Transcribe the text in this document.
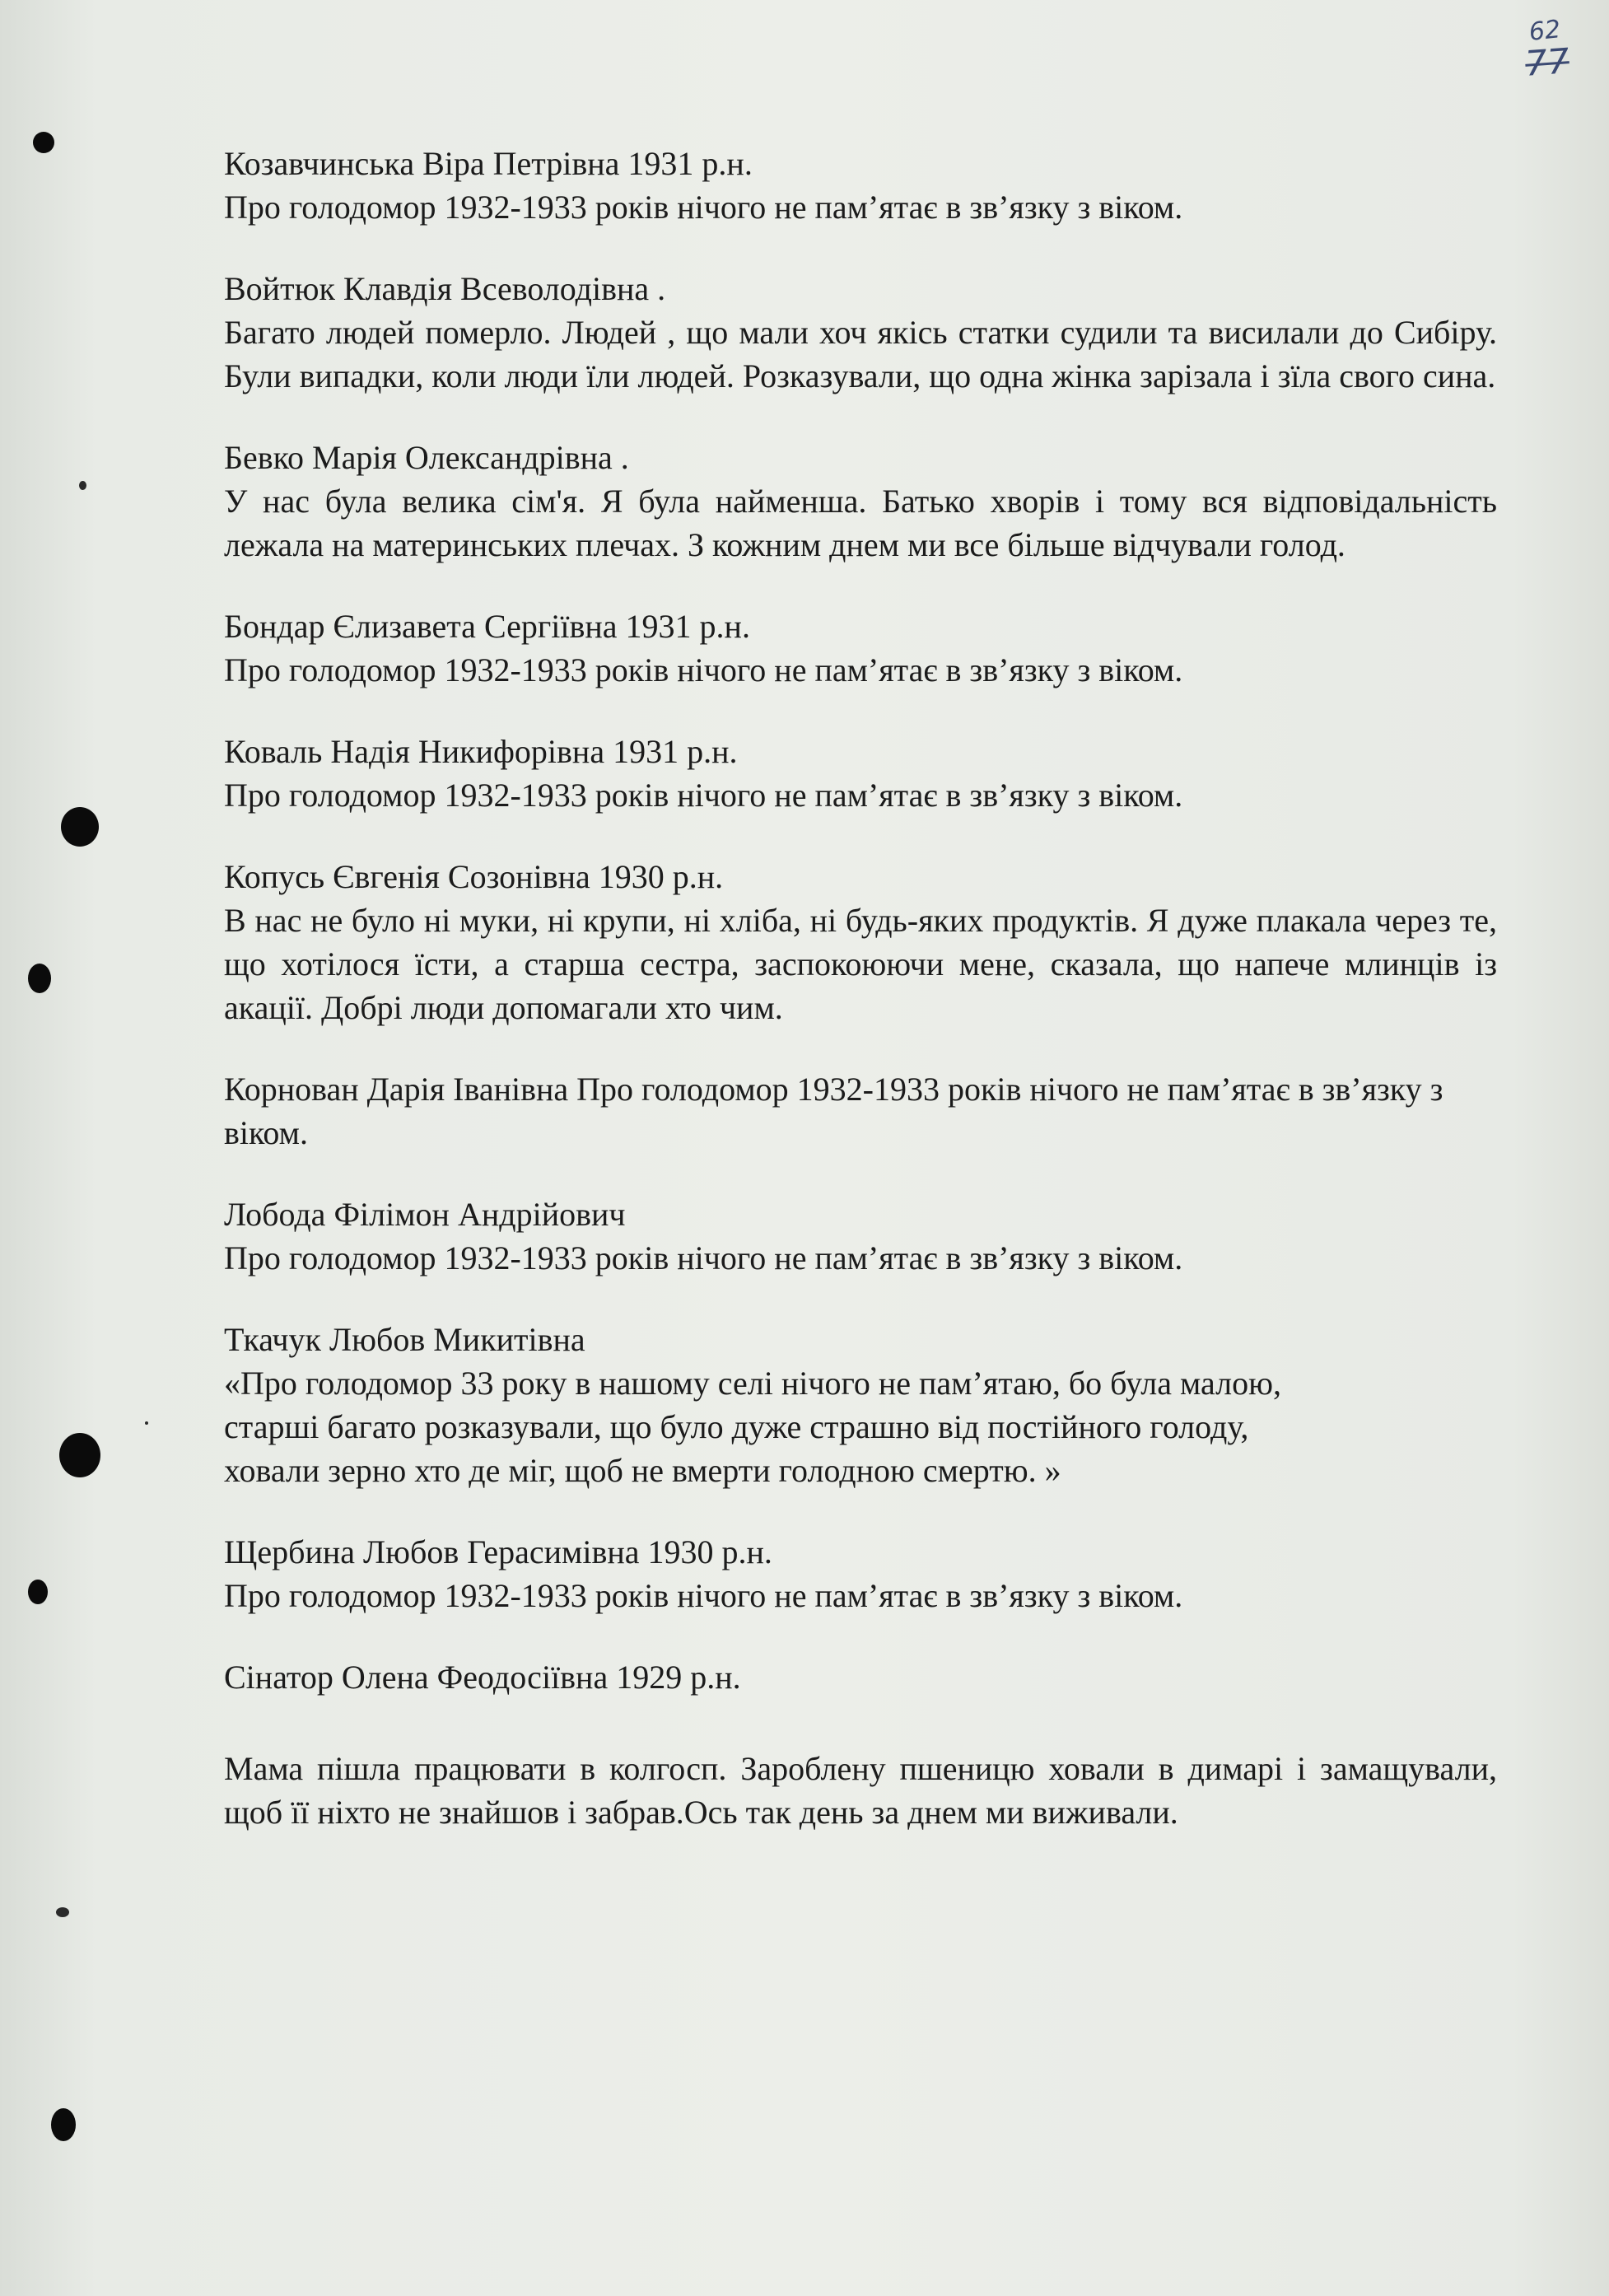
62
77

Козавчинська Віра Петрівна 1931 р.н.

Про голодомор 1932-1933 років нічого не пам’ятає в зв’язку з віком.

Войтюк Клавдія Всеволодівна .

Багато людей померло. Людей , що мали хоч якісь статки судили та висилали до Сибіру. Були випадки, коли люди їли людей. Розказували, що одна жінка зарізала і зїла свого сина.

Бевко Марія Олександрівна .

У нас була велика сім'я. Я була найменша. Батько хворів і тому вся відповідальність лежала на материнських плечах. З кожним днем ми все більше відчували голод.

Бондар Єлизавета Сергіївна 1931 р.н.

Про голодомор 1932-1933 років нічого не пам’ятає в зв’язку з віком.

Коваль Надія Никифорівна 1931 р.н.

Про голодомор 1932-1933 років нічого не пам’ятає в зв’язку з віком.

Копусь Євгенія Созонівна 1930 р.н.

В нас не було ні муки, ні крупи, ні хліба, ні будь-яких продуктів. Я дуже плакала через те, що хотілося їсти, а старша сестра, заспокоюючи мене, сказала, що напече млинців із акації. Добрі люди допомагали хто чим.

Корнован Дарія Іванівна Про голодомор 1932-1933 років нічого не пам’ятає в зв’язку з віком.

Лобода Філімон Андрійович

Про голодомор 1932-1933 років нічого не пам’ятає в зв’язку з віком.

Ткачук Любов Микитівна

«Про голодомор 33 року в нашому селі нічого не пам’ятаю, бо була малою,
старші багато розказували, що було дуже страшно від постійного голоду,
ховали зерно хто де міг, щоб не вмерти голодною смертю. »

Щербина Любов Герасимівна 1930 р.н.

Про голодомор 1932-1933 років нічого не пам’ятає в зв’язку з віком.

Сінатор Олена Феодосіївна 1929 р.н.

Мама пішла працювати в колгосп. Зароблену пшеницю ховали в димарі і замащували, щоб її ніхто не знайшов і забрав.Ось так день за днем ми виживали.
